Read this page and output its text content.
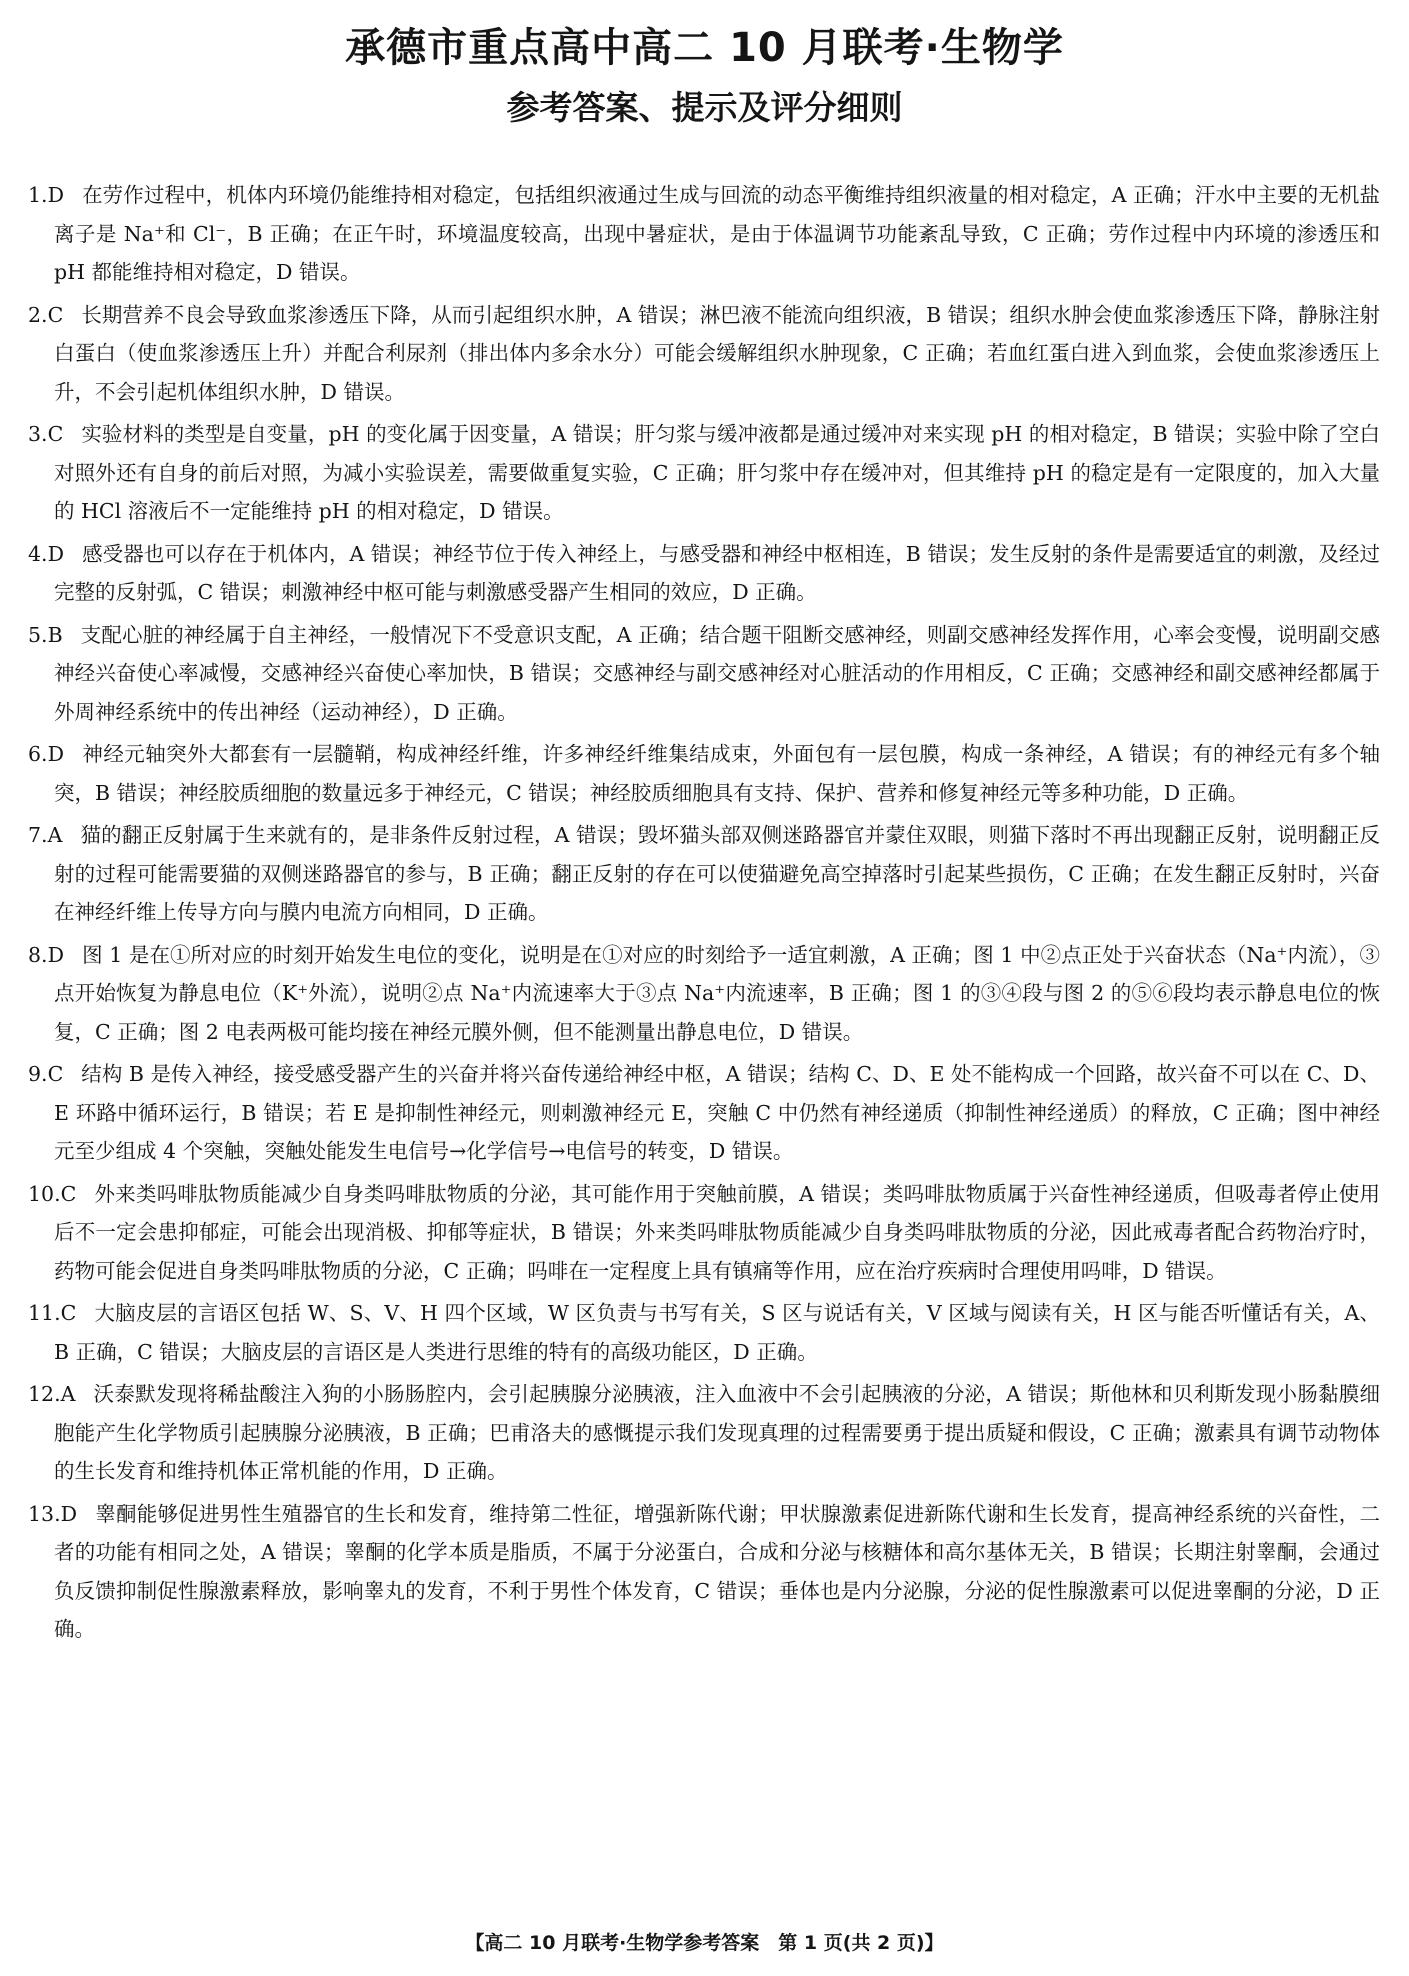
承德市重点高中高二 10 月联考·生物学
参考答案、提示及评分细则
1.D 在劳作过程中，机体内环境仍能维持相对稳定，包括组织液通过生成与回流的动态平衡维持组织液量的相对稳定，A 正确；汗水中主要的无机盐离子是 Na⁺和 Cl⁻，B 正确；在正午时，环境温度较高，出现中暑症状，是由于体温调节功能紊乱导致，C 正确；劳作过程中内环境的渗透压和 pH 都能维持相对稳定，D 错误。
2.C 长期营养不良会导致血浆渗透压下降，从而引起组织水肿，A 错误；淋巴液不能流向组织液，B 错误；组织水肿会使血浆渗透压下降，静脉注射白蛋白（使血浆渗透压上升）并配合利尿剂（排出体内多余水分）可能会缓解组织水肿现象，C 正确；若血红蛋白进入到血浆，会使血浆渗透压上升，不会引起机体组织水肿，D 错误。
3.C 实验材料的类型是自变量，pH 的变化属于因变量，A 错误；肝匀浆与缓冲液都是通过缓冲对来实现 pH 的相对稳定，B 错误；实验中除了空白对照外还有自身的前后对照，为减小实验误差，需要做重复实验，C 正确；肝匀浆中存在缓冲对，但其维持 pH 的稳定是有一定限度的，加入大量的 HCl 溶液后不一定能维持 pH 的相对稳定，D 错误。
4.D 感受器也可以存在于机体内，A 错误；神经节位于传入神经上，与感受器和神经中枢相连，B 错误；发生反射的条件是需要适宜的刺激，及经过完整的反射弧，C 错误；刺激神经中枢可能与刺激感受器产生相同的效应，D 正确。
5.B 支配心脏的神经属于自主神经，一般情况下不受意识支配，A 正确；结合题干阻断交感神经，则副交感神经发挥作用，心率会变慢，说明副交感神经兴奋使心率减慢，交感神经兴奋使心率加快，B 错误；交感神经与副交感神经对心脏活动的作用相反，C 正确；交感神经和副交感神经都属于外周神经系统中的传出神经（运动神经），D 正确。
6.D 神经元轴突外大都套有一层髓鞘，构成神经纤维，许多神经纤维集结成束，外面包有一层包膜，构成一条神经，A 错误；有的神经元有多个轴突，B 错误；神经胶质细胞的数量远多于神经元，C 错误；神经胶质细胞具有支持、保护、营养和修复神经元等多种功能，D 正确。
7.A 猫的翻正反射属于生来就有的，是非条件反射过程，A 错误；毁坏猫头部双侧迷路器官并蒙住双眼，则猫下落时不再出现翻正反射，说明翻正反射的过程可能需要猫的双侧迷路器官的参与，B 正确；翻正反射的存在可以使猫避免高空掉落时引起某些损伤，C 正确；在发生翻正反射时，兴奋在神经纤维上传导方向与膜内电流方向相同，D 正确。
8.D 图 1 是在①所对应的时刻开始发生电位的变化，说明是在①对应的时刻给予一适宜刺激，A 正确；图 1 中②点正处于兴奋状态（Na⁺内流），③点开始恢复为静息电位（K⁺外流），说明②点 Na⁺内流速率大于③点 Na⁺内流速率，B 正确；图 1 的③④段与图 2 的⑤⑥段均表示静息电位的恢复，C 正确；图 2 电表两极可能均接在神经元膜外侧，但不能测量出静息电位，D 错误。
9.C 结构 B 是传入神经，接受感受器产生的兴奋并将兴奋传递给神经中枢，A 错误；结构 C、D、E 处不能构成一个回路，故兴奋不可以在 C、D、E 环路中循环运行，B 错误；若 E 是抑制性神经元，则刺激神经元 E，突触 C 中仍然有神经递质（抑制性神经递质）的释放，C 正确；图中神经元至少组成 4 个突触，突触处能发生电信号→化学信号→电信号的转变，D 错误。
10.C 外来类吗啡肽物质能减少自身类吗啡肽物质的分泌，其可能作用于突触前膜，A 错误；类吗啡肽物质属于兴奋性神经递质，但吸毒者停止使用后不一定会患抑郁症，可能会出现消极、抑郁等症状，B 错误；外来类吗啡肽物质能减少自身类吗啡肽物质的分泌，因此戒毒者配合药物治疗时，药物可能会促进自身类吗啡肽物质的分泌，C 正确；吗啡在一定程度上具有镇痛等作用，应在治疗疾病时合理使用吗啡，D 错误。
11.C 大脑皮层的言语区包括 W、S、V、H 四个区域，W 区负责与书写有关，S 区与说话有关，V 区域与阅读有关，H 区与能否听懂话有关，A、B 正确，C 错误；大脑皮层的言语区是人类进行思维的特有的高级功能区，D 正确。
12.A 沃泰默发现将稀盐酸注入狗的小肠肠腔内，会引起胰腺分泌胰液，注入血液中不会引起胰液的分泌，A 错误；斯他林和贝利斯发现小肠黏膜细胞能产生化学物质引起胰腺分泌胰液，B 正确；巴甫洛夫的感慨提示我们发现真理的过程需要勇于提出质疑和假设，C 正确；激素具有调节动物体的生长发育和维持机体正常机能的作用，D 正确。
13.D 睾酮能够促进男性生殖器官的生长和发育，维持第二性征，增强新陈代谢；甲状腺激素促进新陈代谢和生长发育，提高神经系统的兴奋性，二者的功能有相同之处，A 错误；睾酮的化学本质是脂质，不属于分泌蛋白，合成和分泌与核糖体和高尔基体无关，B 错误；长期注射睾酮，会通过负反馈抑制促性腺激素释放，影响睾丸的发育，不利于男性个体发育，C 错误；垂体也是内分泌腺，分泌的促性腺激素可以促进睾酮的分泌，D 正确。
【高二 10 月联考·生物学参考答案　第 1 页(共 2 页)】
